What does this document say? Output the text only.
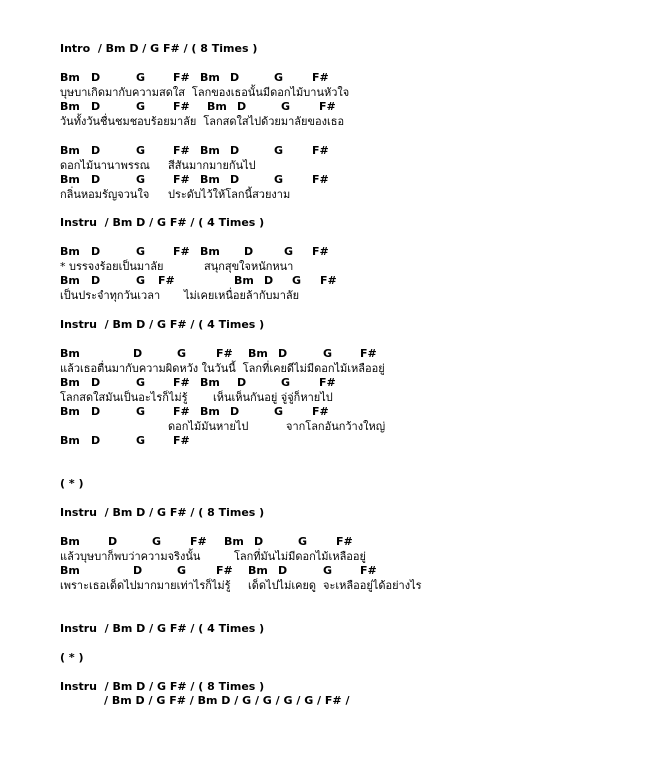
Intro  / Bm D / G F# / ( 8 Times )

Bm

D

	G

	F#

Bm

D

	G

	F#

บุษบาเกิดมากับความสดใส  โลกของเธอนั้นมีดอกไม้บานหัวใจ

Bm

D

	G

	F#

Bm

D

	G

	F#

วันทั้งวันชื่นชมชอบร้อยมาลัย  โลกสดใสไปด้วยมาลัยของเธอ

Bm

D

	G

	F#

Bm

D

	G

	F#

ดอกไม้นานาพรรณ

สีสันมากมายกันไป

Bm

D

	G

	F#

Bm

D

	G

	F#

กลิ่นหอมรัญจวนใจ

ประดับไว้ให้โลกนี้สวยงาม

Instru  / Bm D / G F# / ( 4 Times )

Bm

D

	G

	F#

Bm

D

	G

F#

* บรรจงร้อยเป็นมาลัย

	สนุกสุขใจหนักหนา

Bm

D

	G

F#

	Bm

D

G

F#

เป็นประจำทุกวันเวลา

ไม่เคยเหนื่อยล้ากับมาลัย

Instru  / Bm D / G F# / ( 4 Times )

Bm

	D

	G

	F#

Bm

D

	G

	F#

แล้วเธอตื่นมากับความผิดหวัง ในวันนี้  โลกที่เคยดีไม่มีดอกไม้เหลืออยู่

Bm

D

	G

	F#

Bm

D

	G

	F#

โลกสดใสมันเป็นอะไรก็ไม่รู้

เห็นเห็นกันอยู่ จู่จู่ก็หายไป

Bm

D

	G

	F#

Bm

D

	G

	F#

ดอกไม้มันหายไป

	จากโลกอันกว้างใหญ่

Bm

D

	G

	F#

( * )
Instru  / Bm D / G F# / ( 8 Times )

Bm

	D

	G

	F#

Bm

D

	G

	F#

แล้วบุษบาก็พบว่าความจริงนั้น

	โลกที่มันไม่มีดอกไม้เหลืออยู่

Bm

	D

	G

	F#

Bm

D

	G

	F#

เพราะเธอเด็ดไปมากมายเท่าไรก็ไม่รู้

เด็ดไปไม่เคยดู  จะเหลืออยู่ได้อย่างไร

Instru  / Bm D / G F# / ( 4 Times )
( * )
Instru  / Bm D / G F# / ( 8 Times )
/ Bm D / G F# / Bm D / G / G / G / G / F# /
